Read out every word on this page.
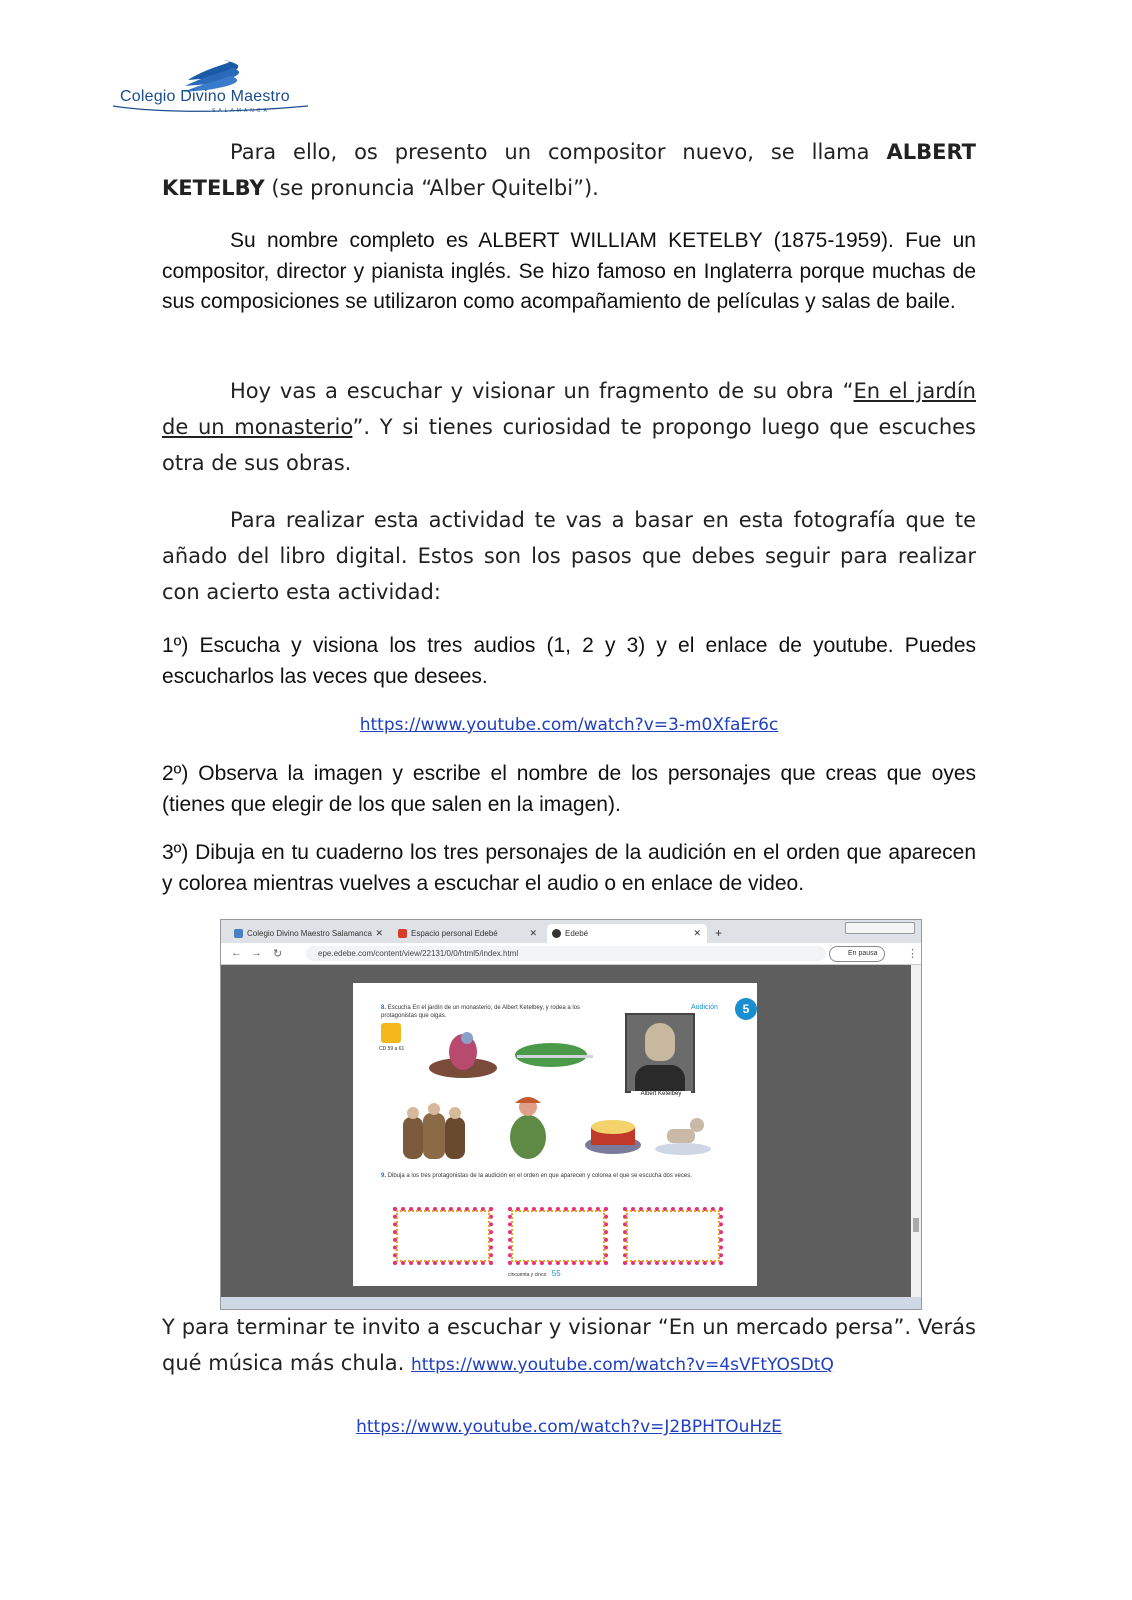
Colegio Divino Maestro
SALAMANCA
Para ello, os presento un compositor nuevo, se llama ALBERT KETELBY (se pronuncia “Alber Quitelbi”).
Su nombre completo es ALBERT WILLIAM KETELBY (1875-1959). Fue un compositor, director y pianista inglés. Se hizo famoso en Inglaterra porque muchas de sus composiciones se utilizaron como acompañamiento de películas y salas de baile.
Hoy vas a escuchar y visionar un fragmento de su obra “En el jardín de un monasterio”. Y si tienes curiosidad te propongo luego que escuches otra de sus obras.
Para realizar esta actividad te vas a basar en esta fotografía que te añado del libro digital. Estos son los pasos que debes seguir para realizar con acierto esta actividad:
1º) Escucha y visiona los tres audios (1, 2 y 3) y el enlace de youtube. Puedes escucharlos las veces que desees.
https://www.youtube.com/watch?v=3-m0XfaEr6c
2º) Observa la imagen y escribe el nombre de los personajes que creas que oyes (tienes que elegir de los que salen en la imagen).
3º) Dibuja en tu cuaderno los tres personajes de la audición en el orden que aparecen y colorea mientras vuelves a escuchar el audio o en enlace de video.
Colegio Divino Maestro Salamanca ✕	Espacio personal Edebé	✕	Edebé	✕	+
← → ↻	epe.edebe.com/content/view/22131/0/0/html5/index.html	En pausa	⋮
Audición	5
8. Escucha En el jardín de un monasterio, de Albert Ketelbey, y rodea a los protagonistas que oigas.
CD 59 a 61
Albert Ketelbey
9. Dibuja a los tres protagonistas de la audición en el orden en que aparecen y colorea el que se escucha dos veces.
cincuenta y cinco 55
Y para terminar te invito a escuchar y visionar “En un mercado persa”. Verás qué música más chula. https://www.youtube.com/watch?v=4sVFtYOSDtQ
https://www.youtube.com/watch?v=J2BPHTOuHzE
